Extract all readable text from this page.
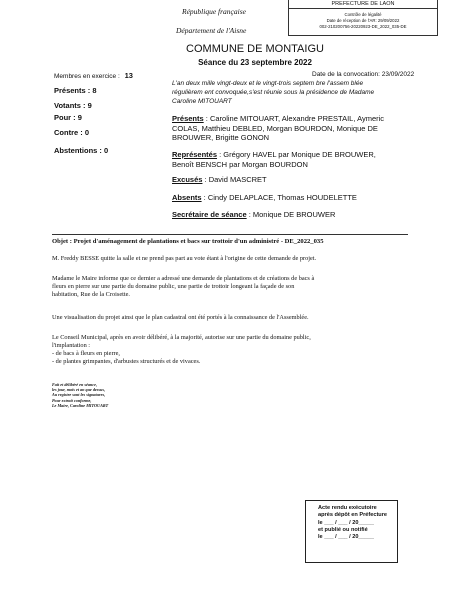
PREFECTURE DE LAON
Contrôle de légalité
Date de réception de l'AR: 29/09/2022
002-210200756-20220923-DE_2022_035-DE
République française
Département de l'Aisne
COMMUNE DE MONTAIGU
Séance du 23 septembre 2022
Membres en exercice : 13
Présents : 8
Votants : 9
Pour : 9
Contre : 0
Abstentions : 0
Date de la convocation: 23/09/2022
L'an deux mille vingt-deux et le vingt-trois septem bre l'assem blée
régulièrem ent convoquée,s'est réunie sous la présidence de Madame
Caroline MITOUART
Présents : Caroline MITOUART, Alexandre PRESTAIL, Aymeric
COLAS, Matthieu DEBLED, Morgan BOURDON, Monique DE
BROUWER, Brigitte GONON
Représentés : Grégory HAVEL par Monique DE BROUWER,
Benoît BENSCH par Morgan BOURDON
Excusés : David MASCRET
Absents : Cindy DELAPLACE, Thomas HOUDELETTE
Secrétaire de séance : Monique DE BROUWER
Objet : Projet d'aménagement de plantations et bacs sur trottoir d'un administré - DE_2022_035
M. Freddy BESSE quitte la salle et ne prend pas part au vote étant à l'origine de cette demande de projet.
Madame le Maire informe que ce dernier a adressé une demande de plantations et de créations de bacs à
fleurs en pierre sur une partie du domaine public, une partie de trottoir longeant la façade de son
habitation, Rue de la Croisette.
Une visualisation du projet ainsi que le plan cadastral ont été portés à la connaissance de l'Assemblée.
Le Conseil Municipal, après en avoir délibéré, à la majorité, autorise sur une partie du domaine public,
l'implantation :
- de bacs à fleurs en pierre,
- de plantes grimpantes, d'arbustes structurés et de vivaces.
Fait et délibéré en séance,
les jour, mois et an que dessus,
Au registre sont les signatures,
Pour extrait conforme,
Le Maire, Caroline MITOUART
Acte rendu exécutoire
après dépôt en Préfecture
le ___ / ___ / 20_____
et publié ou notifié
le ___ / ___ / 20_____
